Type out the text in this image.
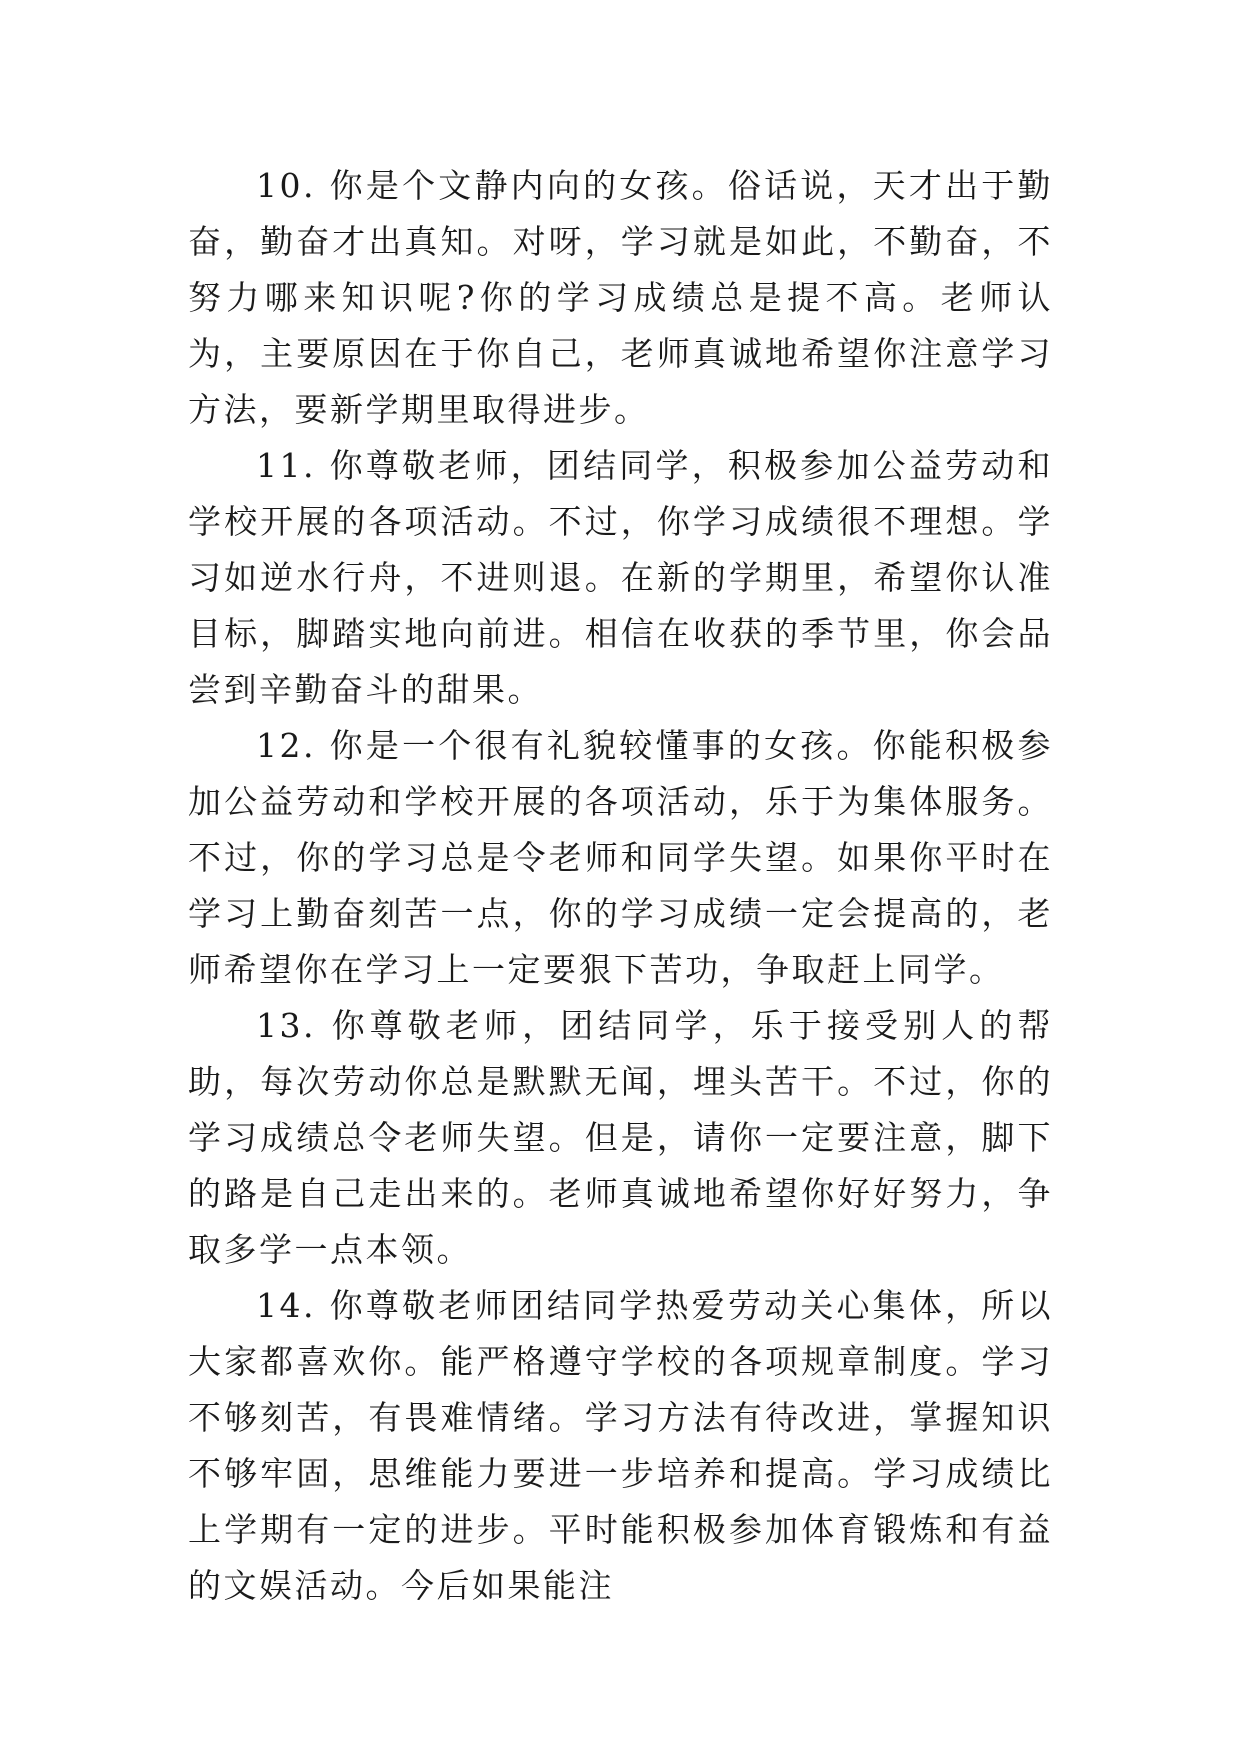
10. 你是个文静内向的女孩。俗话说，天才出于勤奋，勤奋才出真知。对呀，学习就是如此，不勤奋，不努力哪来知识呢?你的学习成绩总是提不高。老师认为，主要原因在于你自己，老师真诚地希望你注意学习方法，要新学期里取得进步。

11. 你尊敬老师，团结同学，积极参加公益劳动和学校开展的各项活动。不过，你学习成绩很不理想。学习如逆水行舟，不进则退。在新的学期里，希望你认准目标，脚踏实地向前进。相信在收获的季节里，你会品尝到辛勤奋斗的甜果。

12. 你是一个很有礼貌较懂事的女孩。你能积极参加公益劳动和学校开展的各项活动，乐于为集体服务。不过，你的学习总是令老师和同学失望。如果你平时在学习上勤奋刻苦一点，你的学习成绩一定会提高的，老师希望你在学习上一定要狠下苦功，争取赶上同学。

13. 你尊敬老师，团结同学，乐于接受别人的帮助，每次劳动你总是默默无闻，埋头苦干。不过，你的学习成绩总令老师失望。但是，请你一定要注意，脚下的路是自己走出来的。老师真诚地希望你好好努力，争取多学一点本领。

14. 你尊敬老师团结同学热爱劳动关心集体，所以大家都喜欢你。能严格遵守学校的各项规章制度。学习不够刻苦，有畏难情绪。学习方法有待改进，掌握知识不够牢固，思维能力要进一步培养和提高。学习成绩比上学期有一定的进步。平时能积极参加体育锻炼和有益的文娱活动。今后如果能注
